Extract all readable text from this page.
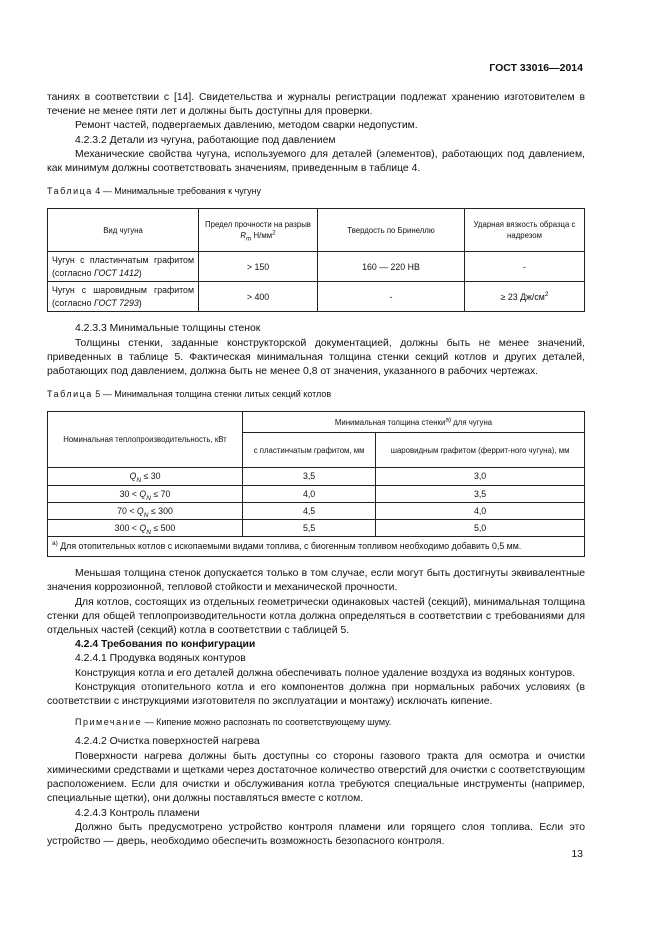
ГОСТ 33016—2014

таниях в соответствии с [14]. Свидетельства и журналы регистрации подлежат хранению изготовителем в течение не менее пяти лет и должны быть доступны для проверки.

Ремонт частей, подвергаемых давлению, методом сварки недопустим.

4.2.3.2 Детали из чугуна, работающие под давлением

Механические свойства чугуна, используемого для деталей (элементов), работающих под давлением, как минимум должны соответствовать значениям, приведенным в таблице 4.

Таблица 4 — Минимальные требования к чугуну
Вид чугуна	Предел прочности на разрыв $R_m$ $Н/мм^2$	Твердость по Бринеллю	Ударная вязкость образца с надрезом
Чугун с пластинчатым графитом (согласно ГОСТ 1412)	> 150	160 — 220 НВ	-
Чугун с шаровидным графитом (согласно ГОСТ 7293)	> 400	-	≥ 23 $Дж/см^2$

4.2.3.3 Минимальные толщины стенок

Толщины стенки, заданные конструкторской документацией, должны быть не менее значений, приведенных в таблице 5. Фактическая минимальная толщина стенки секций котлов и других деталей, работающих под давлением, должна быть не менее 0,8 от значения, указанного в рабочих чертежах.

Таблица 5 — Минимальная толщина стенки литых секций котлов
Номинальная теплопроизводительность, кВт	Минимальная толщина стенки$^{а)}$ для чугуна	
	с пластинчатым графитом, мм	шаровидным графитом (феррит-ного чугуна), мм
$Q_N \le 30$	3,5	3,0
$30 < Q_N \le 70$	4,0	3,5
$70 < Q_N \le 300$	4,5	4,0
$300 < Q_N \le 500$	5,5	5,0
$^{а)}$ Для отопительных котлов с ископаемыми видами топлива, с биогенным топливом необходимо добавить 0,5 мм.		

Меньшая толщина стенок допускается только в том случае, если могут быть достигнуты эквивалентные значения коррозионной, тепловой стойкости и механической прочности.

Для котлов, состоящих из отдельных геометрически одинаковых частей (секций), минимальная толщина стенки для общей теплопроизводительности котла должна определяться в соответствии с требованиями для отдельных частей (секций) котла в соответствии с таблицей 5.

4.2.4 Требования по конфигурации

4.2.4.1 Продувка водяных контуров

Конструкция котла и его деталей должна обеспечивать полное удаление воздуха из водяных контуров.

Конструкция отопительного котла и его компонентов должна при нормальных рабочих условиях (в соответствии с инструкциями изготовителя по эксплуатации и монтажу) исключать кипение.

Примечание — Кипение можно распознать по соответствующему шуму.

4.2.4.2 Очистка поверхностей нагрева

Поверхности нагрева должны быть доступны со стороны газового тракта для осмотра и очистки химическими средствами и щетками через достаточное количество отверстий для очистки с соответствующим расположением. Если для очистки и обслуживания котла требуются специальные инструменты (например, специальные щетки), они должны поставляться вместе с котлом.

4.2.4.3 Контроль пламени

Должно быть предусмотрено устройство контроля пламени или горящего слоя топлива. Если это устройство — дверь, необходимо обеспечить возможность безопасного контроля.

13
